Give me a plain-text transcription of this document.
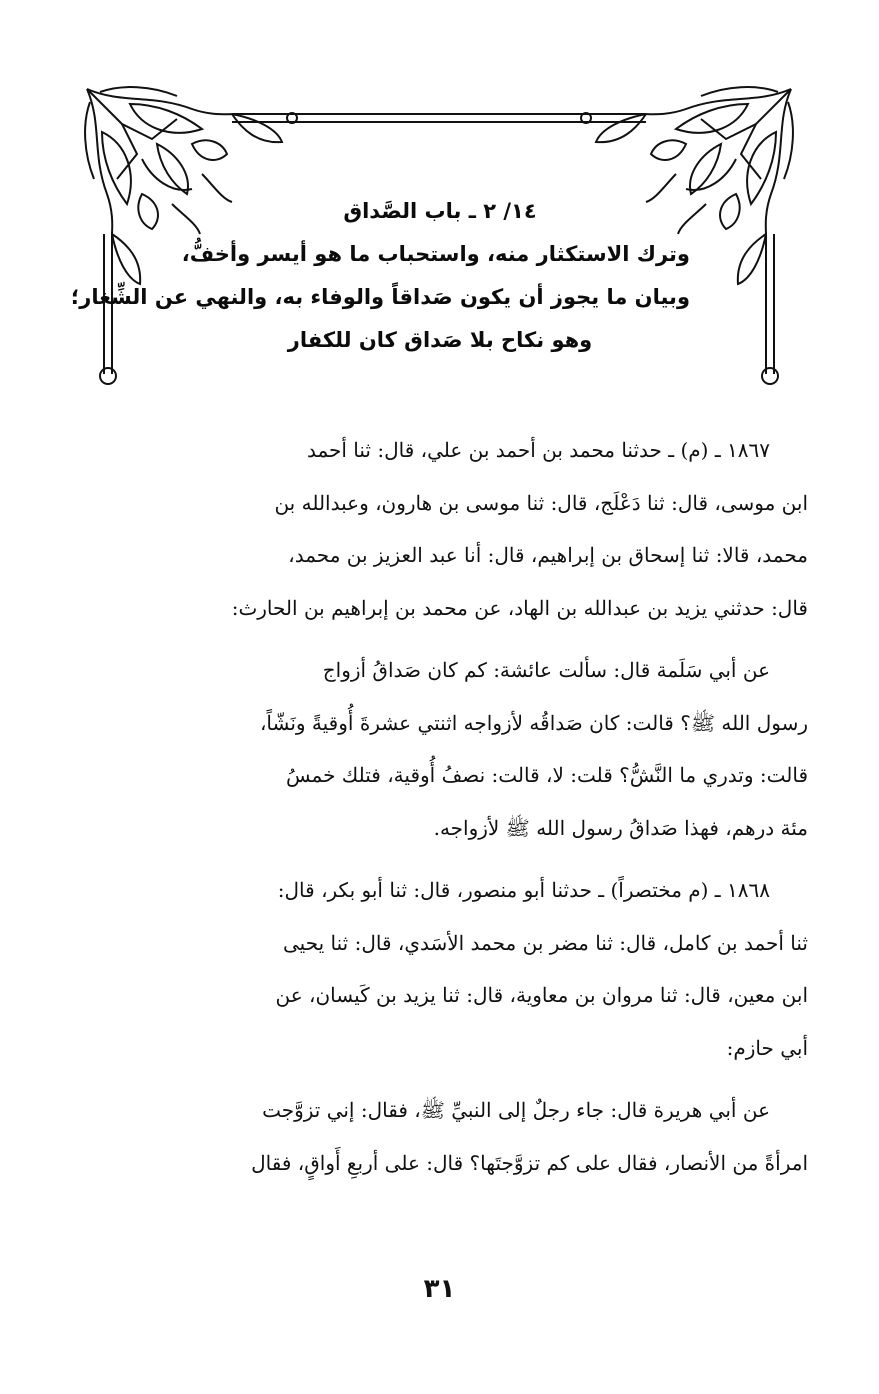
١٤/ ٢ ـ باب الصَّداق
وترك الاستكثار منه، واستحباب ما هو أيسر وأخفُّ،
وبيان ما يجوز أن يكون صَداقاً والوفاء به، والنهي عن الشِّغار؛
وهو نكاح بلا صَداق كان للكفار
١٨٦٧ ـ (م) ـ حدثنا محمد بن أحمد بن علي، قال: ثنا أحمد
ابن موسى، قال: ثنا دَعْلَج، قال: ثنا موسى بن هارون، وعبدالله بن
محمد، قالا: ثنا إسحاق بن إبراهيم، قال: أنا عبد العزيز بن محمد،
قال: حدثني يزيد بن عبدالله بن الهاد، عن محمد بن إبراهيم بن الحارث:
عن أبي سَلَمة قال: سألت عائشة: كم كان صَداقُ أزواج
رسول الله ﷺ؟ قالت: كان صَداقُه لأزواجه اثنتي عشرةَ أُوقيةً ونَشّاً،
قالت: وتدري ما النَّشُّ؟ قلت: لا، قالت: نصفُ أُوقية، فتلك خمسُ
مئة درهم، فهذا صَداقُ رسول الله ﷺ لأزواجه.
١٨٦٨ ـ (م مختصراً) ـ حدثنا أبو منصور، قال: ثنا أبو بكر، قال:
ثنا أحمد بن كامل، قال: ثنا مضر بن محمد الأسَدي، قال: ثنا يحيى
ابن معين، قال: ثنا مروان بن معاوية، قال: ثنا يزيد بن كَيسان، عن
أبي حازم:
عن أبي هريرة قال: جاء رجلٌ إلى النبيِّ ﷺ، فقال: إني تزوَّجت
امرأةً من الأنصار، فقال على كم تزوَّجتَها؟ قال: على أربعِ أَواقٍ، فقال
٣١
